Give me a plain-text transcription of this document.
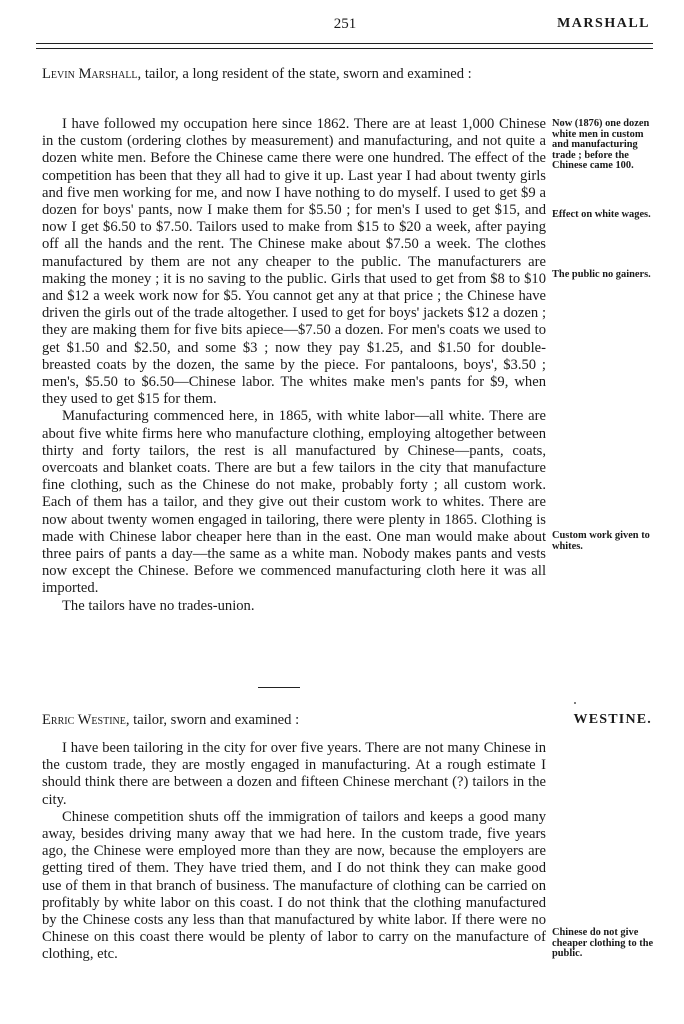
251	MARSHALL

Levin Marshall, tailor, a long resident of the state, sworn and examined :

I have followed my occupation here since 1862. There are at least 1,000 Chinese in the custom (ordering clothes by measurement) and manufacturing, and not quite a dozen white men. Before the Chinese came there were one hundred. The effect of the competition has been that they all had to give it up. Last year I had about twenty girls and five men working for me, and now I have nothing to do myself. I used to get $9 a dozen for boys' pants, now I make them for $5.50 ; for men's I used to get $15, and now I get $6.50 to $7.50. Tailors used to make from $15 to $20 a week, after paying off all the hands and the rent. The Chinese make about $7.50 a week. The clothes manufactured by them are not any cheaper to the public. The manufacturers are making the money ; it is no saving to the public. Girls that used to get from $8 to $10 and $12 a week work now for $5. You cannot get any at that price ; the Chinese have driven the girls out of the trade altogether. I used to get for boys' jackets $12 a dozen ; they are making them for five bits apiece—$7.50 a dozen. For men's coats we used to get $1.50 and $2.50, and some $3 ; now they pay $1.25, and $1.50 for double-breasted coats by the dozen, the same by the piece. For pantaloons, boys', $3.50 ; men's, $5.50 to $6.50—Chinese labor. The whites make men's pants for $9, when they used to get $15 for them.

Manufacturing commenced here, in 1865, with white labor—all white. There are about five white firms here who manufacture clothing, employing altogether between thirty and forty tailors, the rest is all manufactured by Chinese—pants, coats, overcoats and blanket coats. There are but a few tailors in the city that manufacture fine clothing, such as the Chinese do not make, probably forty ; all custom work. Each of them has a tailor, and they give out their custom work to whites. There are now about twenty women engaged in tailoring, there were plenty in 1865. Clothing is made with Chinese labor cheaper here than in the east. One man would make about three pairs of pants a day—the same as a white man. Nobody makes pants and vests now except the Chinese. Before we commenced manufacturing cloth here it was all imported.

The tailors have no trades-union.

Now (1876) one dozen white men in custom and manufacturing trade ; before the Chinese came 100.
Effect on white wages.
The public no gainers.
Custom work given to whites.
WESTINE.

Erric Westine, tailor, sworn and examined :

I have been tailoring in the city for over five years. There are not many Chinese in the custom trade, they are mostly engaged in manufacturing. At a rough estimate I should think there are between a dozen and fifteen Chinese merchant (?) tailors in the city.

Chinese competition shuts off the immigration of tailors and keeps a good many away, besides driving many away that we had here. In the custom trade, five years ago, the Chinese were employed more than they are now, because the employers are getting tired of them. They have tried them, and I do not think they can make good use of them in that branch of business. The manufacture of clothing can be carried on profitably by white labor on this coast. I do not think that the clothing manufactured by the Chinese costs any less than that manufactured by white labor. If there were no Chinese on this coast there would be plenty of labor to carry on the manufacture of clothing, etc.

Chinese do not give cheaper clothing to the public.
